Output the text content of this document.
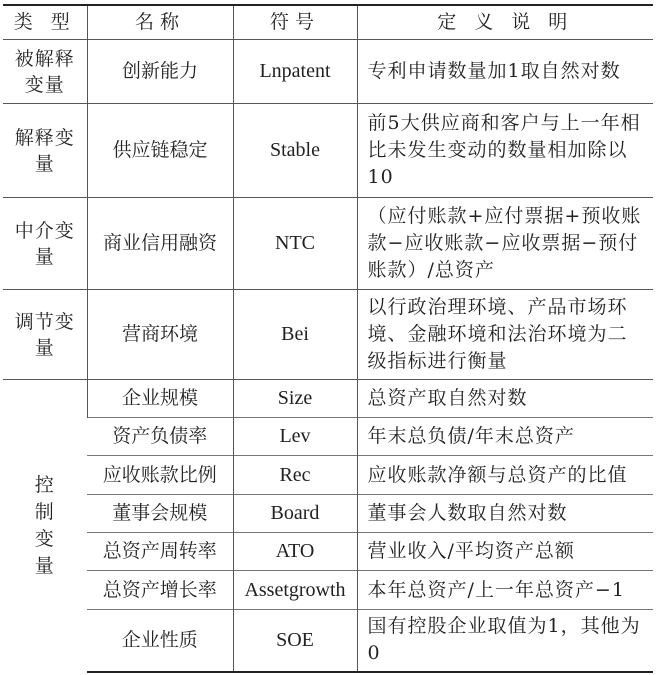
类 型	名称	符号	定 义 说 明
被解释变量	创新能力	Lnpatent	专利申请数量加1取自然对数
解释变量	供应链稳定	Stable	前5大供应商和客户与上一年相比未发生变动的数量相加除以10
中介变量	商业信用融资	NTC	（应付账款+应付票据+预收账款−应收账款−应收票据−预付账款）/总资产
调节变量	营商环境	Bei	以行政治理环境、产品市场环境、金融环境和法治环境为二级指标进行衡量

控制变量	企业规模	Size	总资产取自然对数
	资产负债率	Lev	年末总负债/年末总资产
	应收账款比例	Rec	应收账款净额与总资产的比值
	董事会规模	Board	董事会人数取自然对数
	总资产周转率	ATO	营业收入/平均资产总额
	总资产增长率	Assetgrowth	本年总资产/上一年总资产−1
	企业性质	SOE	国有控股企业取值为1，其他为0
